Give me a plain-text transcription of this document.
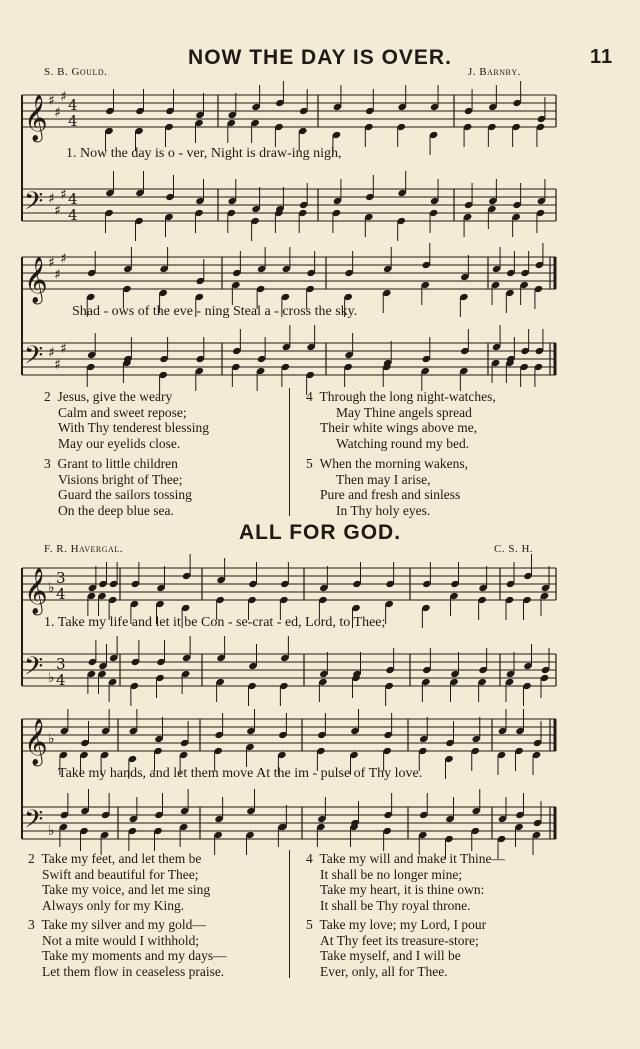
11
NOW THE DAY IS OVER.
S. B. Gould.	J. Barnby.
1. Now the day is o - ver, Night is draw-ing nigh,
Shad - ows of the eve - ning Steal a - cross the sky.
2 Jesus, give the weary
Calm and sweet repose;
With Thy tenderest blessing
May our eyelids close.
3 Grant to little children
Visions bright of Thee;
Guard the sailors tossing
On the deep blue sea.
4 Through the long night-watches,
May Thine angels spread
Their white wings above me,
Watching round my bed.
5 When the morning wakens,
Then may I arise,
Pure and fresh and sinless
In Thy holy eyes.
ALL FOR GOD.
F. R. Havergal.	C. S. H.
1. Take my life and let it be Con - se-crat - ed, Lord, to Thee;
Take my hands, and let them move At the im - pulse of Thy love.
2 Take my feet, and let them be
Swift and beautiful for Thee;
Take my voice, and let me sing
Always only for my King.
3 Take my silver and my gold—
Not a mite would I withhold;
Take my moments and my days—
Let them flow in ceaseless praise.
4 Take my will and make it Thine—
It shall be no longer mine;
Take my heart, it is thine own:
It shall be Thy royal throne.
5 Take my love; my Lord, I pour
At Thy feet its treasure-store;
Take myself, and I will be
Ever, only, all for Thee.
𝄞
𝄢
♯
♯
♯
♯
♯
♯
4
4
4
4
𝄞
𝄢
♯
♯
♯
♯
♯
♯
𝄞
𝄢
♭
♭
3
4
3
4
𝄞
𝄢
♭
♭
